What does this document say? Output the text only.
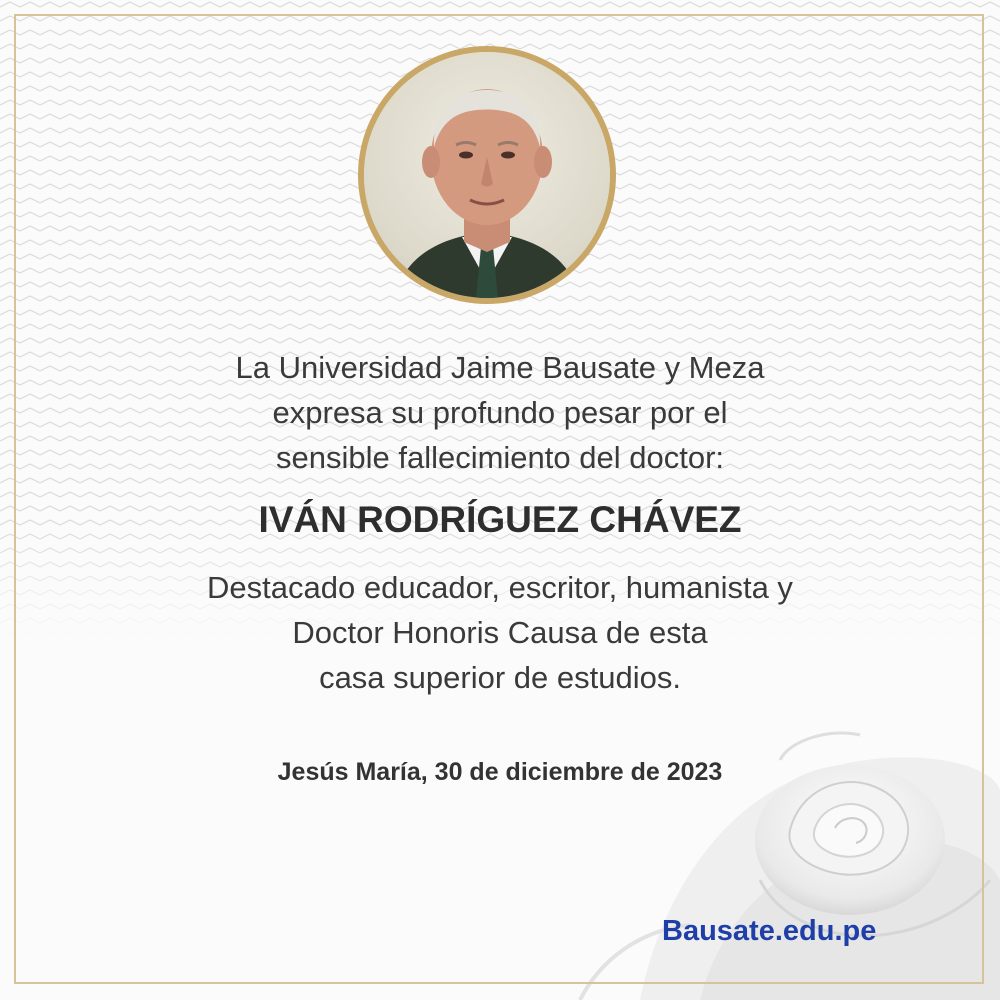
La Universidad Jaime Bausate y Meza
expresa su profundo pesar por el
sensible fallecimiento del doctor:
IVÁN RODRÍGUEZ CHÁVEZ
Destacado educador, escritor, humanista y
Doctor Honoris Causa de esta
casa superior de estudios.
Jesús María, 30 de diciembre de 2023
Bausate.edu.pe
